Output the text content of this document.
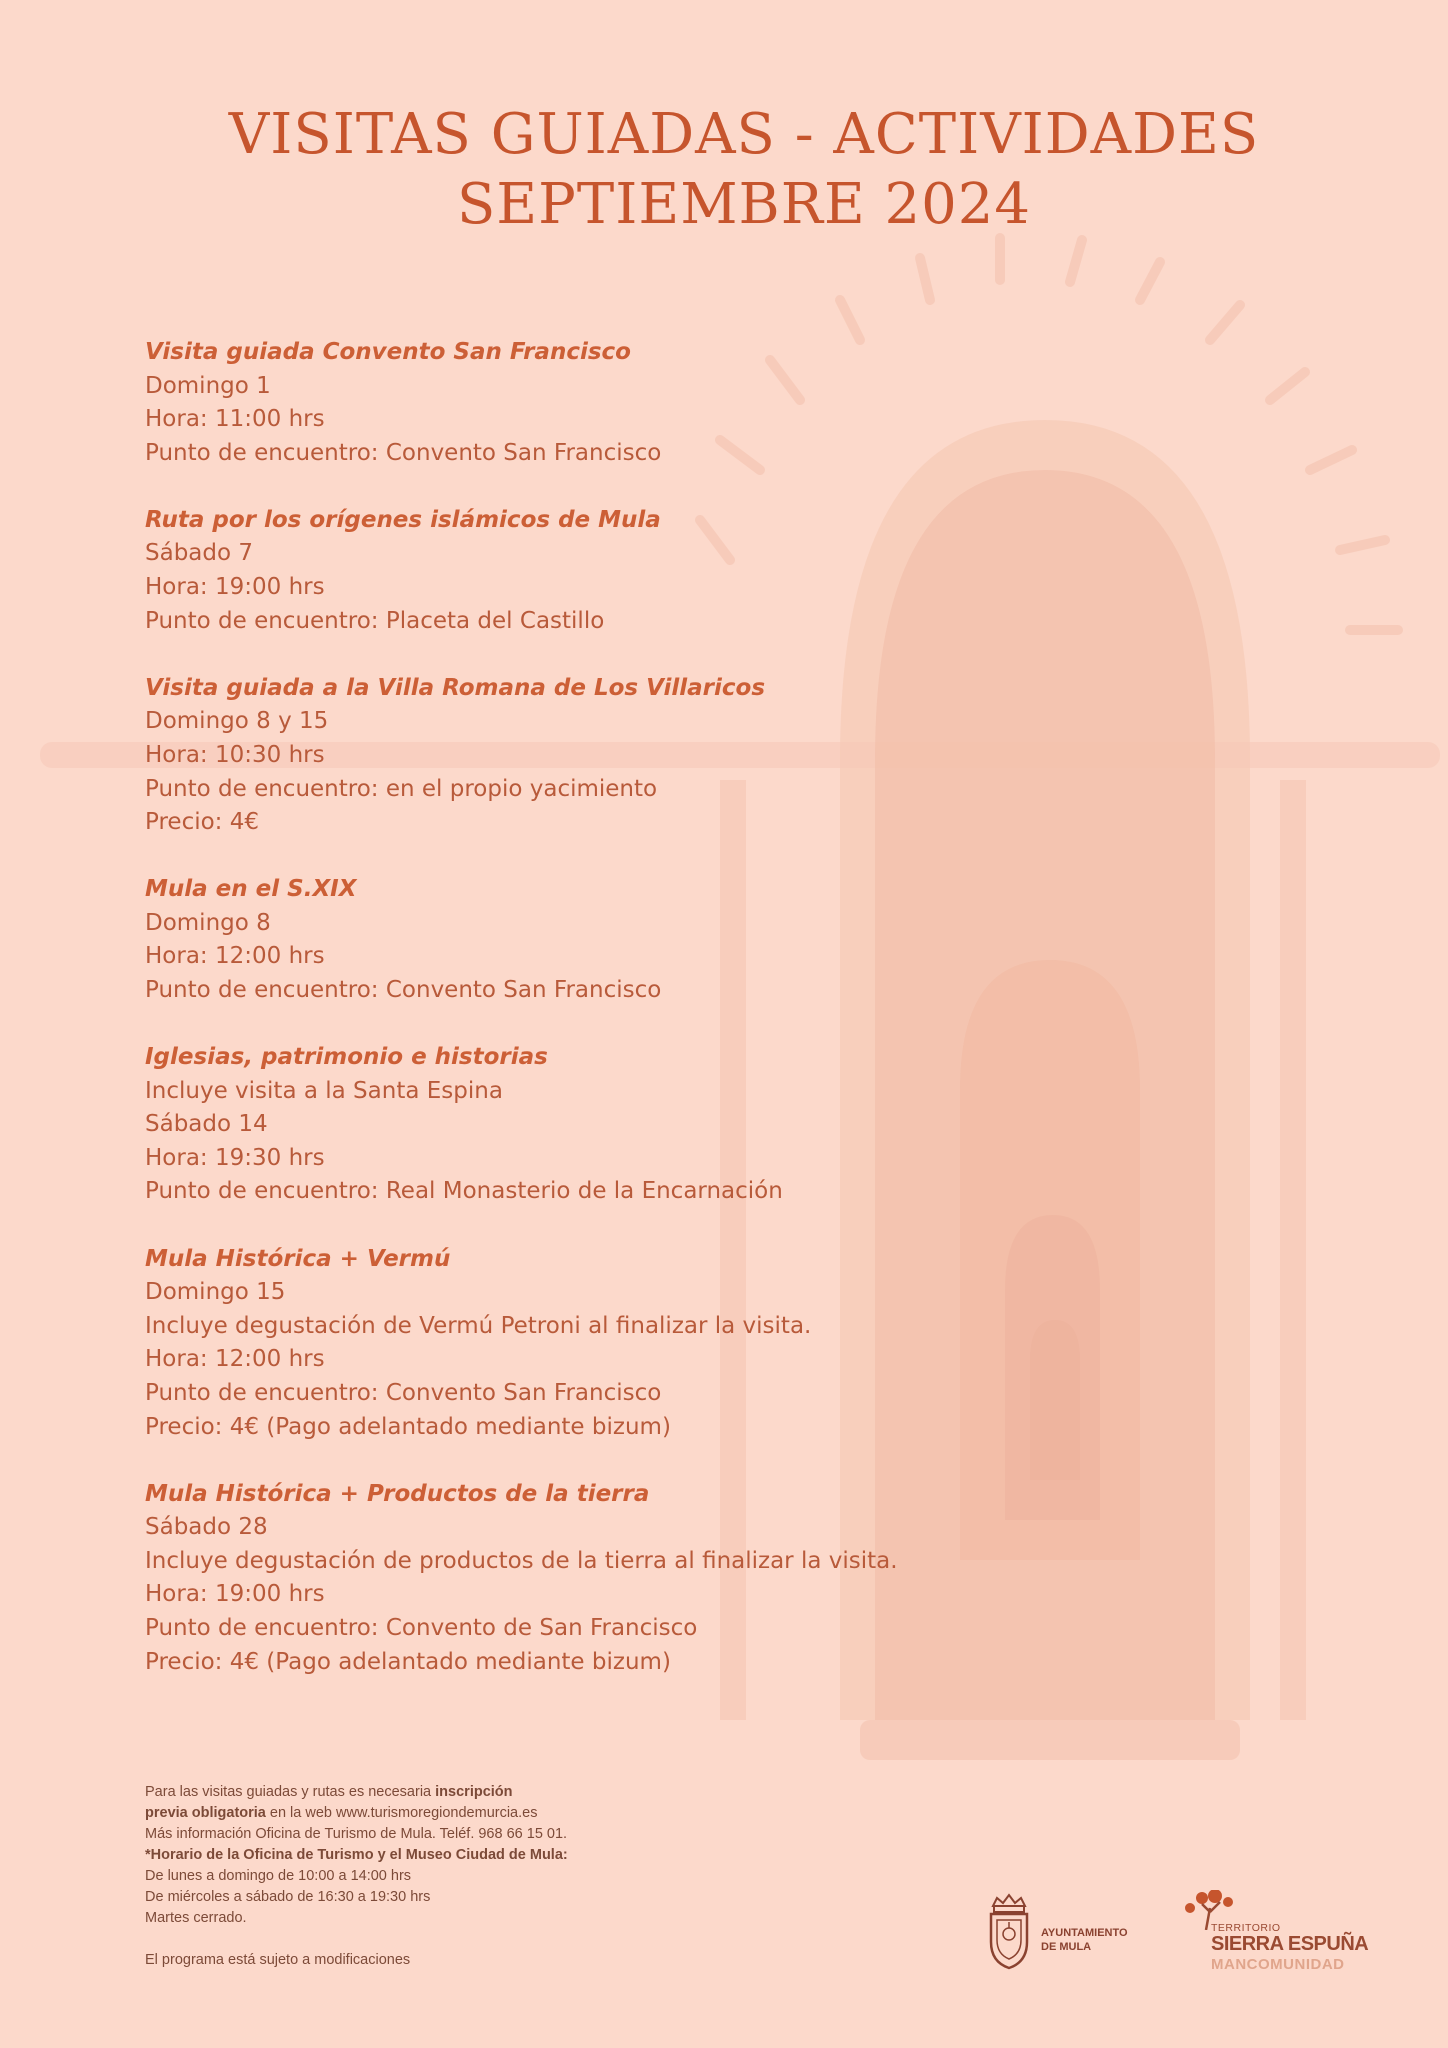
VISITAS GUIADAS - ACTIVIDADES
SEPTIEMBRE 2024
Visita guiada Convento San Francisco
Domingo 1
Hora: 11:00 hrs
Punto de encuentro: Convento San Francisco
Ruta por los orígenes islámicos de Mula
Sábado 7
Hora: 19:00 hrs
Punto de encuentro: Placeta del Castillo
Visita guiada a la Villa Romana de Los Villaricos
Domingo 8 y 15
Hora: 10:30 hrs
Punto de encuentro: en el propio yacimiento
Precio: 4€
Mula en el S.XIX
Domingo 8
Hora: 12:00 hrs
Punto de encuentro: Convento San Francisco
Iglesias, patrimonio e historias
Incluye visita a la Santa Espina
Sábado 14
Hora: 19:30 hrs
Punto de encuentro: Real Monasterio de la Encarnación
Mula Histórica + Vermú
Domingo 15
Incluye degustación de Vermú Petroni al finalizar la visita.
Hora: 12:00 hrs
Punto de encuentro: Convento San Francisco
Precio: 4€ (Pago adelantado mediante bizum)
Mula Histórica + Productos de la tierra
Sábado 28
Incluye degustación de productos de la tierra al finalizar la visita.
Hora: 19:00 hrs
Punto de encuentro: Convento de San Francisco
Precio: 4€ (Pago adelantado mediante bizum)
Para las visitas guiadas y rutas es necesaria inscripción
previa obligatoria en la web www.turismoregiondemurcia.es
Más información Oficina de Turismo de Mula. Teléf. 968 66 15 01.
*Horario de la Oficina de Turismo y el Museo Ciudad de Mula:
De lunes a domingo de 10:00 a 14:00 hrs
De miércoles a sábado de 16:30 a 19:30 hrs
Martes cerrado.
El programa está sujeto a modificaciones
AYUNTAMIENTO
DE MULA
TERRITORIO
SIERRA ESPUÑA
MANCOMUNIDAD
